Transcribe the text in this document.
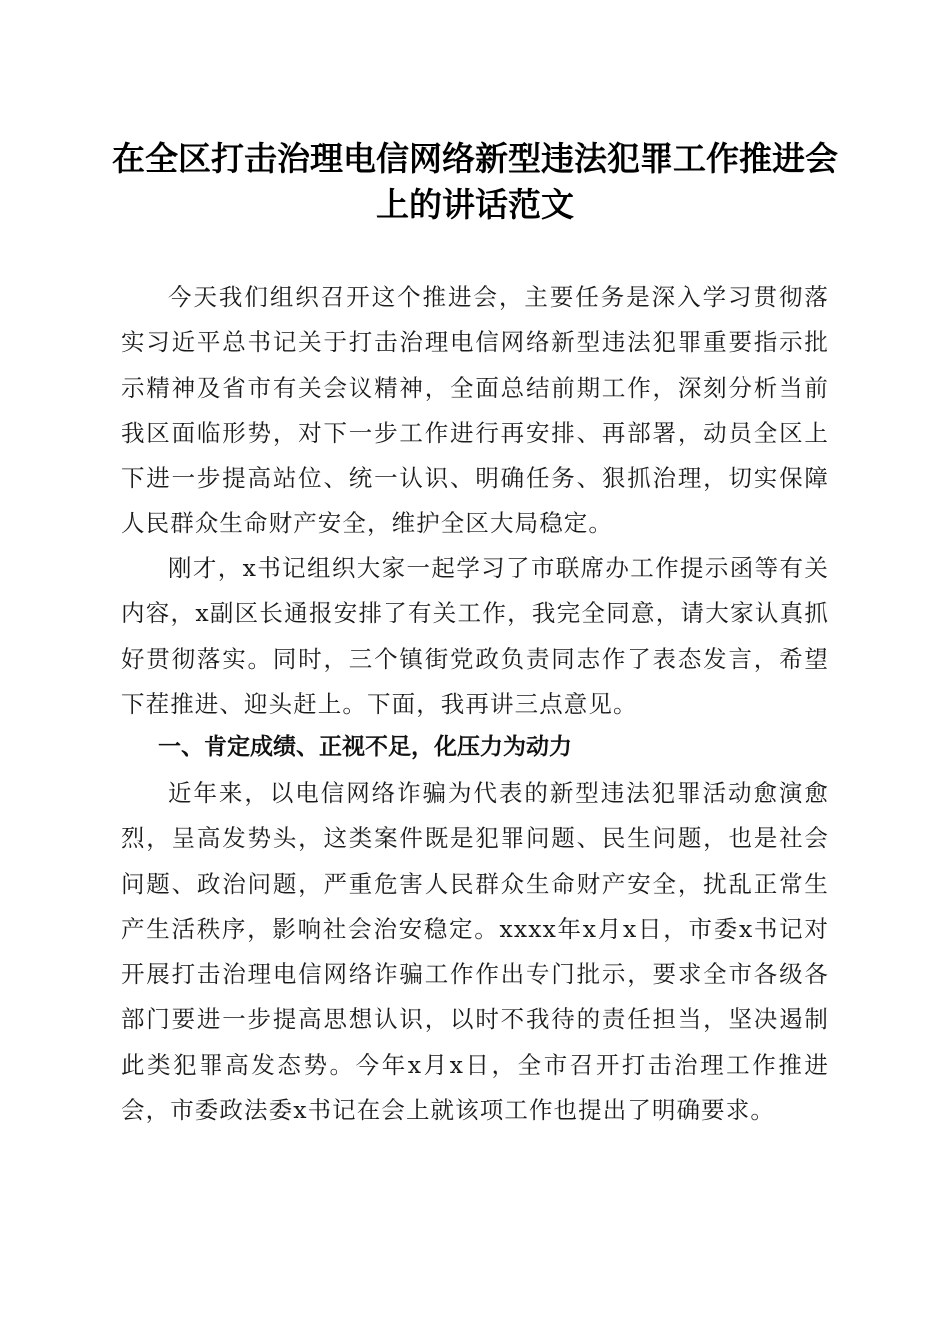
在全区打击治理电信网络新型违法犯罪工作推进会上的讲话范文

今天我们组织召开这个推进会，主要任务是深入学习贯彻落实习近平总书记关于打击治理电信网络新型违法犯罪重要指示批示精神及省市有关会议精神，全面总结前期工作，深刻分析当前我区面临形势，对下一步工作进行再安排、再部署，动员全区上下进一步提高站位、统一认识、明确任务、狠抓治理，切实保障人民群众生命财产安全，维护全区大局稳定。

刚才，x书记组织大家一起学习了市联席办工作提示函等有关内容，x副区长通报安排了有关工作，我完全同意，请大家认真抓好贯彻落实。同时，三个镇街党政负责同志作了表态发言，希望下茬推进、迎头赶上。下面，我再讲三点意见。

一、肯定成绩、正视不足，化压力为动力

近年来，以电信网络诈骗为代表的新型违法犯罪活动愈演愈烈，呈高发势头，这类案件既是犯罪问题、民生问题，也是社会问题、政治问题，严重危害人民群众生命财产安全，扰乱正常生产生活秩序，影响社会治安稳定。xxxx年x月x日，市委x书记对开展打击治理电信网络诈骗工作作出专门批示，要求全市各级各部门要进一步提高思想认识，以时不我待的责任担当，坚决遏制此类犯罪高发态势。今年x月x日，全市召开打击治理工作推进会，市委政法委x书记在会上就该项工作也提出了明确要求。
